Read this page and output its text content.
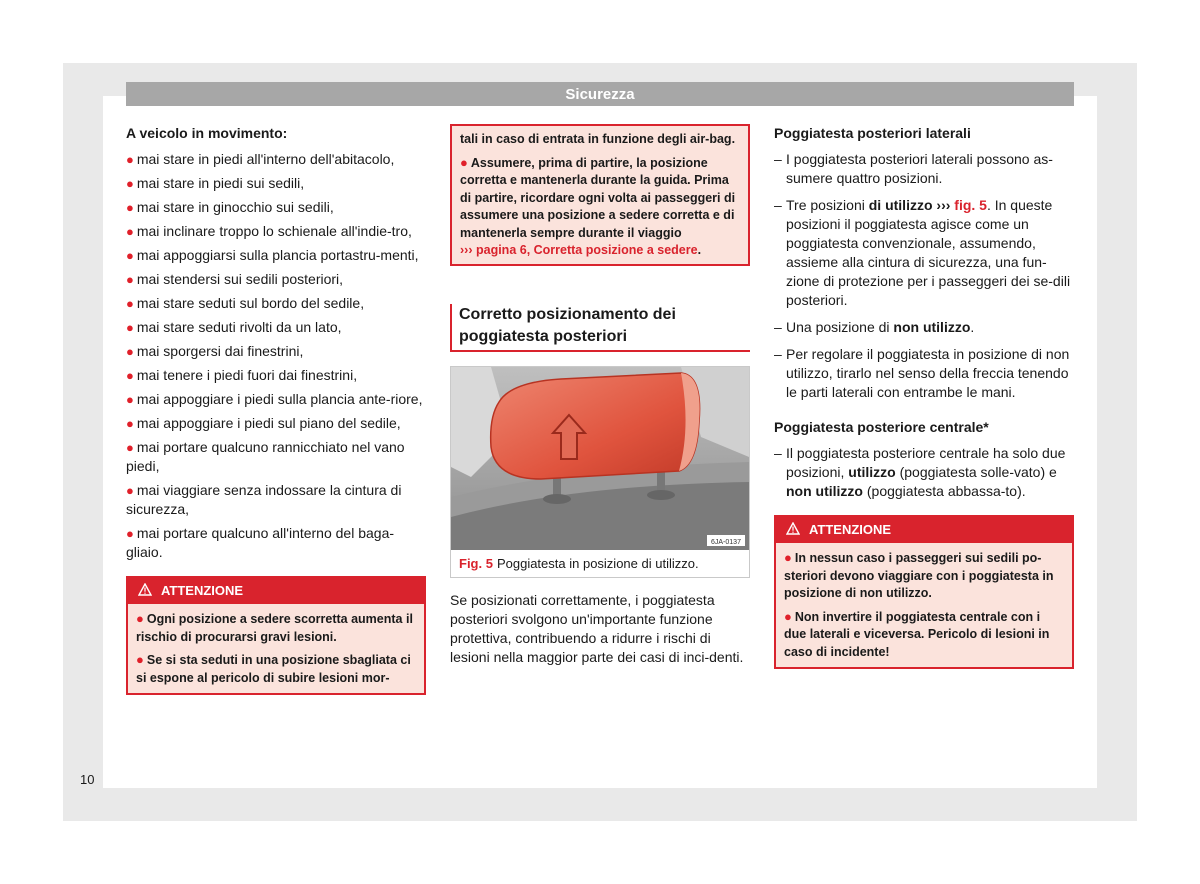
Sicurezza

A veicolo in movimento:

● mai stare in piedi all'interno dell'abitacolo,
● mai stare in piedi sui sedili,
● mai stare in ginocchio sui sedili,
● mai inclinare troppo lo schienale all'indie-tro,
● mai appoggiarsi sulla plancia portastru-menti,
● mai stendersi sui sedili posteriori,
● mai stare seduti sul bordo del sedile,
● mai stare seduti rivolti da un lato,
● mai sporgersi dai finestrini,
● mai tenere i piedi fuori dai finestrini,
● mai appoggiare i piedi sulla plancia ante-riore,
● mai appoggiare i piedi sul piano del sedile,
● mai portare qualcuno rannicchiato nel vano piedi,
● mai viaggiare senza indossare la cintura di sicurezza,
● mai portare qualcuno all'interno del baga-gliaio.
ATTENZIONE

● Ogni posizione a sedere scorretta aumenta il rischio di procurarsi gravi lesioni.

● Se si sta seduti in una posizione sbagliata ci si espone al pericolo di subire lesioni mor-

tali in caso di entrata in funzione degli air-bag.

● Assumere, prima di partire, la posizione corretta e mantenerla durante la guida. Prima di partire, ricordare ogni volta ai passeggeri di assumere una posizione a sedere corretta e di mantenerla sempre durante il viaggio
››› pagina 6, Corretta posizione a sedere.

Corretto posizionamento dei poggiatesta posteriori
6JA-0137
Fig. 5 Poggiatesta in posizione di utilizzo.

Se posizionati correttamente, i poggiatesta posteriori svolgono un'importante funzione protettiva, contribuendo a ridurre i rischi di lesioni nella maggior parte dei casi di inci-denti.

Poggiatesta posteriori laterali

– I poggiatesta posteriori laterali possono as-sumere quattro posizioni.
– Tre posizioni di utilizzo ››› fig. 5. In queste posizioni il poggiatesta agisce come un poggiatesta convenzionale, assumendo, assieme alla cintura di sicurezza, una fun-zione di protezione per i passeggeri dei se-dili posteriori.
– Una posizione di non utilizzo.
– Per regolare il poggiatesta in posizione di non utilizzo, tirarlo nel senso della freccia tenendo le parti laterali con entrambe le mani.

Poggiatesta posteriore centrale*

– Il poggiatesta posteriore centrale ha solo due posizioni, utilizzo (poggiatesta solle-vato) e non utilizzo (poggiatesta abbassa-to).
ATTENZIONE

● In nessun caso i passeggeri sui sedili po-steriori devono viaggiare con i poggiatesta in posizione di non utilizzo.

● Non invertire il poggiatesta centrale con i due laterali e viceversa. Pericolo di lesioni in caso di incidente!

10
